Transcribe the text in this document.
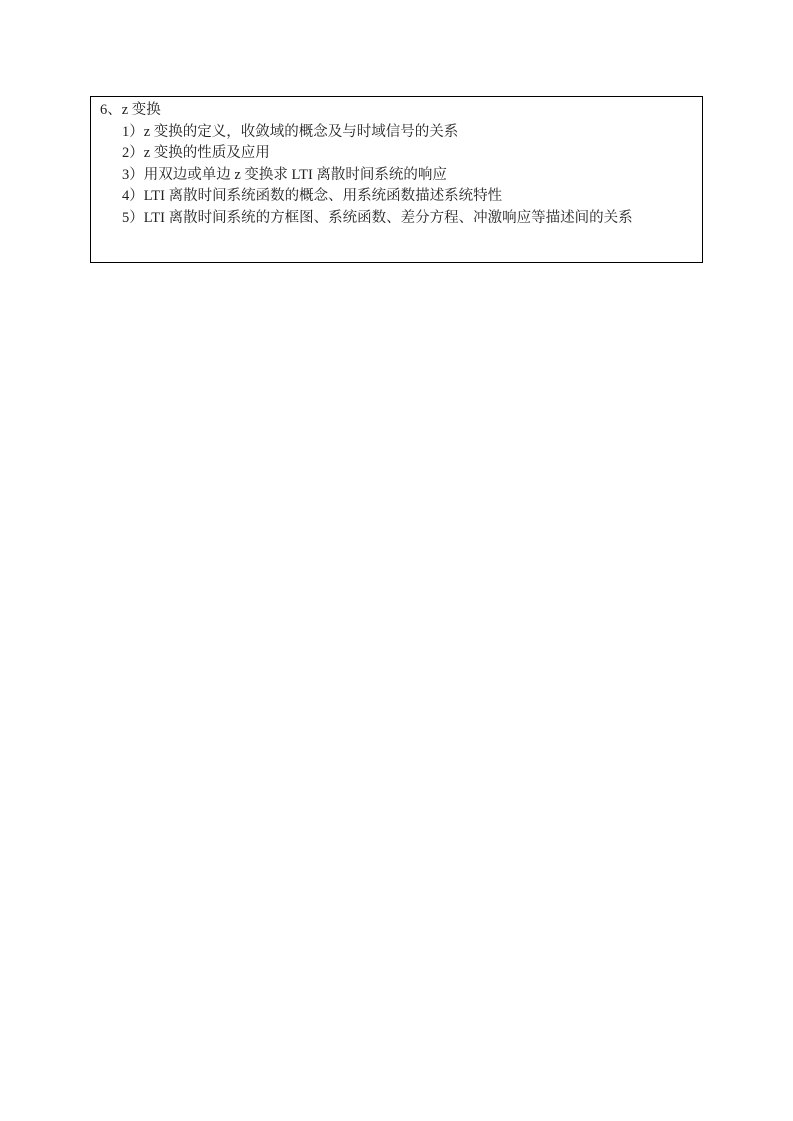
6、z 变换
1）z 变换的定义，收敛域的概念及与时域信号的关系
2）z 变换的性质及应用
3）用双边或单边 z 变换求 LTI 离散时间系统的响应
4）LTI 离散时间系统函数的概念、用系统函数描述系统特性
5）LTI 离散时间系统的方框图、系统函数、差分方程、冲激响应等描述间的关系
